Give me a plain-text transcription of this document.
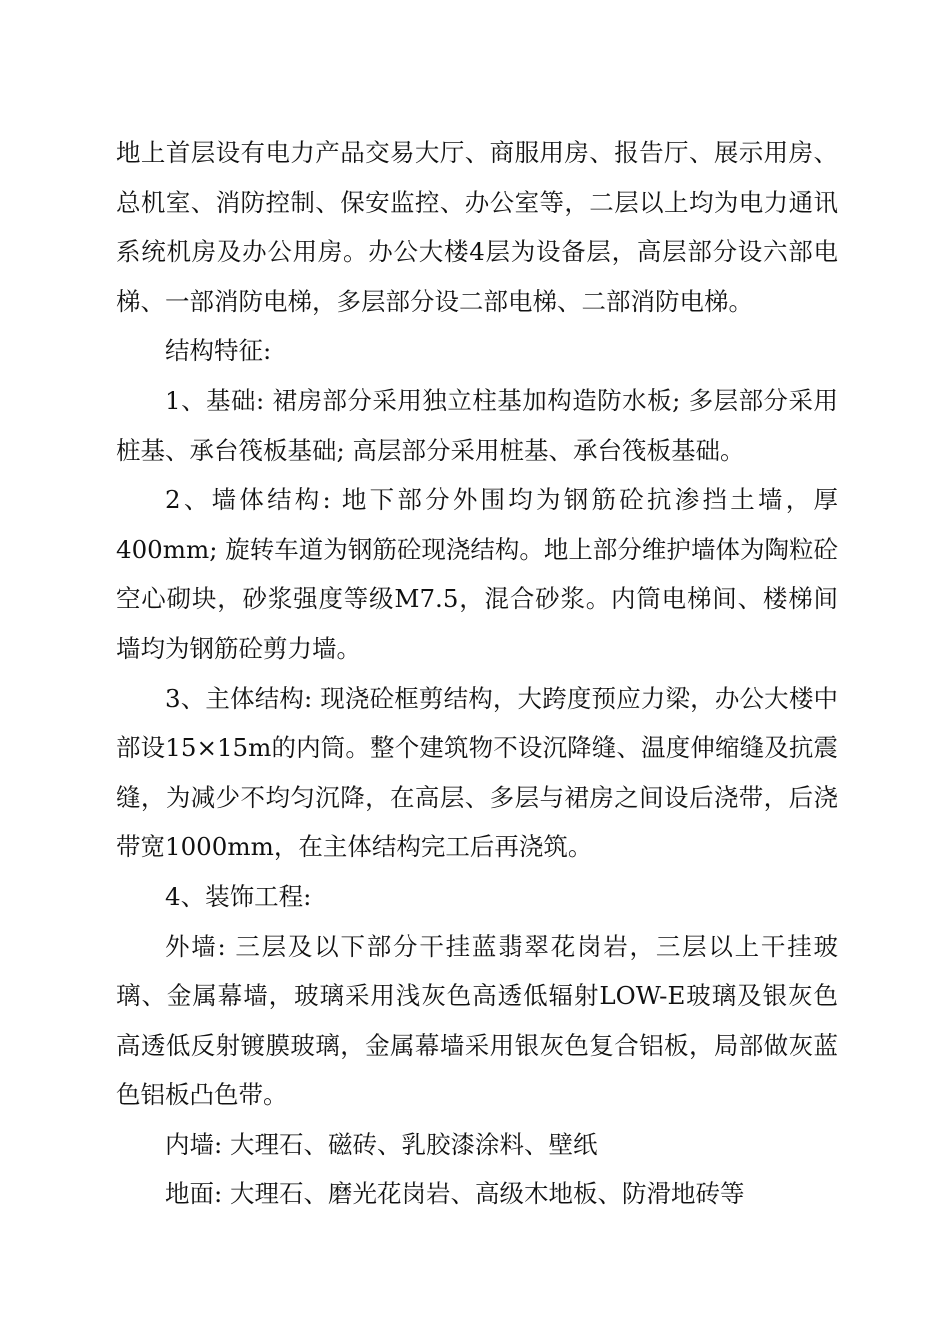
地上首层设有电力产品交易大厅、商服用房、报告厅、展示用房、总机室、消防控制、保安监控、办公室等，二层以上均为电力通讯系统机房及办公用房。办公大楼4层为设备层，高层部分设六部电梯、一部消防电梯，多层部分设二部电梯、二部消防电梯。

结构特征:

1、基础: 裙房部分采用独立柱基加构造防水板; 多层部分采用桩基、承台筏板基础; 高层部分采用桩基、承台筏板基础。

2、墙体结构: 地下部分外围均为钢筋砼抗渗挡土墙，厚400mm; 旋转车道为钢筋砼现浇结构。地上部分维护墙体为陶粒砼空心砌块，砂浆强度等级M7.5，混合砂浆。内筒电梯间、楼梯间墙均为钢筋砼剪力墙。

3、主体结构: 现浇砼框剪结构，大跨度预应力梁，办公大楼中部设15×15m的内筒。整个建筑物不设沉降缝、温度伸缩缝及抗震缝，为减少不均匀沉降，在高层、多层与裙房之间设后浇带，后浇带宽1000mm，在主体结构完工后再浇筑。

4、装饰工程:

外墙: 三层及以下部分干挂蓝翡翠花岗岩，三层以上干挂玻璃、金属幕墙，玻璃采用浅灰色高透低辐射LOW-E玻璃及银灰色高透低反射镀膜玻璃，金属幕墙采用银灰色复合铝板，局部做灰蓝色铝板凸色带。

内墙: 大理石、磁砖、乳胶漆涂料、壁纸

地面: 大理石、磨光花岗岩、高级木地板、防滑地砖等
